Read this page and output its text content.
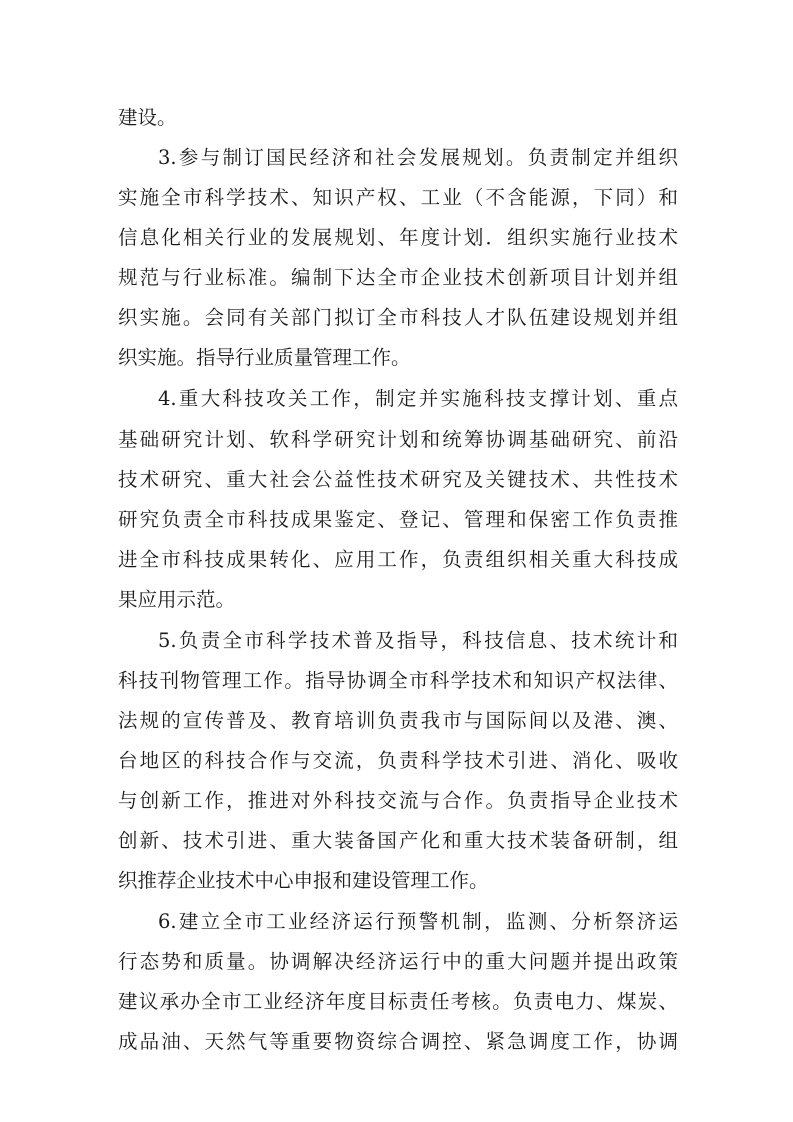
建设。
3.参与制订国民经济和社会发展规划。负责制定并组织
实施全市科学技术、知识产权、工业（不含能源，下同）和
信息化相关行业的发展规划、年度计划．组织实施行业技术
规范与行业标准。编制下达全市企业技术创新项目计划并组
织实施。会同有关部门拟订全市科技人才队伍建设规划并组
织实施。指导行业质量管理工作。
4.重大科技攻关工作，制定并实施科技支撑计划、重点
基础研究计划、软科学研究计划和统筹协调基础研究、前沿
技术研究、重大社会公益性技术研究及关键技术、共性技术
研究负责全市科技成果鉴定、登记、管理和保密工作负责推
进全市科技成果转化、应用工作，负责组织相关重大科技成
果应用示范。
5.负责全市科学技术普及指导，科技信息、技术统计和
科技刊物管理工作。指导协调全市科学技术和知识产权法律、
法规的宣传普及、教育培训负责我市与国际间以及港、澳、
台地区的科技合作与交流，负责科学技术引进、消化、吸收
与创新工作，推进对外科技交流与合作。负责指导企业技术
创新、技术引进、重大装备国产化和重大技术装备研制，组
织推荐企业技术中心申报和建设管理工作。
6.建立全市工业经济运行预警机制，监测、分析祭济运
行态势和质量。协调解决经济运行中的重大问题并提出政策
建议承办全市工业经济年度目标责任考核。负责电力、煤炭、
成品油、天然气等重要物资综合调控、紧急调度工作，协调
